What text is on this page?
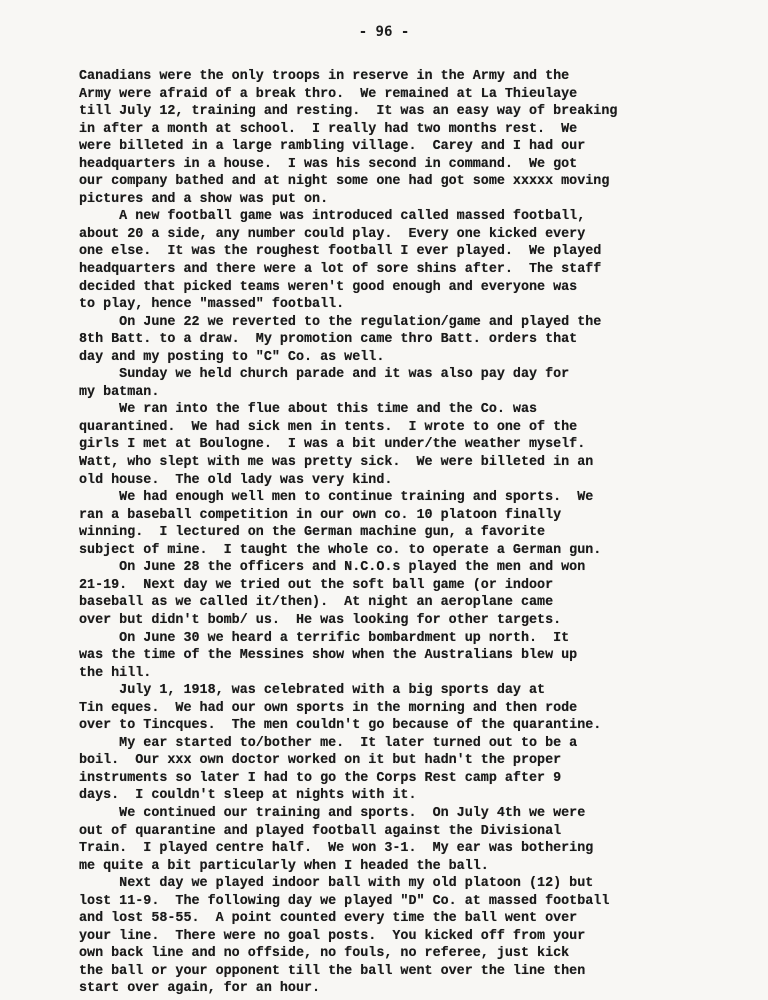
- 96 -
Canadians were the only troops in reserve in the Army and the
Army were afraid of a break thro.  We remained at La Thieulaye
till July 12, training and resting.  It was an easy way of breaking
in after a month at school.  I really had two months rest.  We
were billeted in a large rambling village.  Carey and I had our
headquarters in a house.  I was his second in command.  We got
our company bathed and at night some one had got some xxxxx moving
pictures and a show was put on.
A new football game was introduced called massed football,
about 20 a side, any number could play.  Every one kicked every
one else.  It was the roughest football I ever played.  We played
headquarters and there were a lot of sore shins after.  The staff
decided that picked teams weren't good enough and everyone was
to play, hence "massed" football.
On June 22 we reverted to the regulation/game and played the
8th Batt. to a draw.  My promotion came thro Batt. orders that
day and my posting to "C" Co. as well.
Sunday we held church parade and it was also pay day for
my batman.
We ran into the flue about this time and the Co. was
quarantined.  We had sick men in tents.  I wrote to one of the
girls I met at Boulogne.  I was a bit under/the weather myself.
Watt, who slept with me was pretty sick.  We were billeted in an
old house.  The old lady was very kind.
We had enough well men to continue training and sports.  We
ran a baseball competition in our own co. 10 platoon finally
winning.  I lectured on the German machine gun, a favorite
subject of mine.  I taught the whole co. to operate a German gun.
On June 28 the officers and N.C.O.s played the men and won
21-19.  Next day we tried out the soft ball game (or indoor
baseball as we called it/then).  At night an aeroplane came
over but didn't bomb/ us.  He was looking for other targets.
On June 30 we heard a terrific bombardment up north.  It
was the time of the Messines show when the Australians blew up
the hill.
July 1, 1918, was celebrated with a big sports day at
Tin eques.  We had our own sports in the morning and then rode
over to Tincques.  The men couldn't go because of the quarantine.
My ear started to/bother me.  It later turned out to be a
boil.  Our xxx own doctor worked on it but hadn't the proper
instruments so later I had to go the Corps Rest camp after 9
days.  I couldn't sleep at nights with it.
We continued our training and sports.  On July 4th we were
out of quarantine and played football against the Divisional
Train.  I played centre half.  We won 3-1.  My ear was bothering
me quite a bit particularly when I headed the ball.
Next day we played indoor ball with my old platoon (12) but
lost 11-9.  The following day we played "D" Co. at massed football
and lost 58-55.  A point counted every time the ball went over
your line.  There were no goal posts.  You kicked off from your
own back line and no offside, no fouls, no referee, just kick
the ball or your opponent till the ball went over the line then
start over again, for an hour.
